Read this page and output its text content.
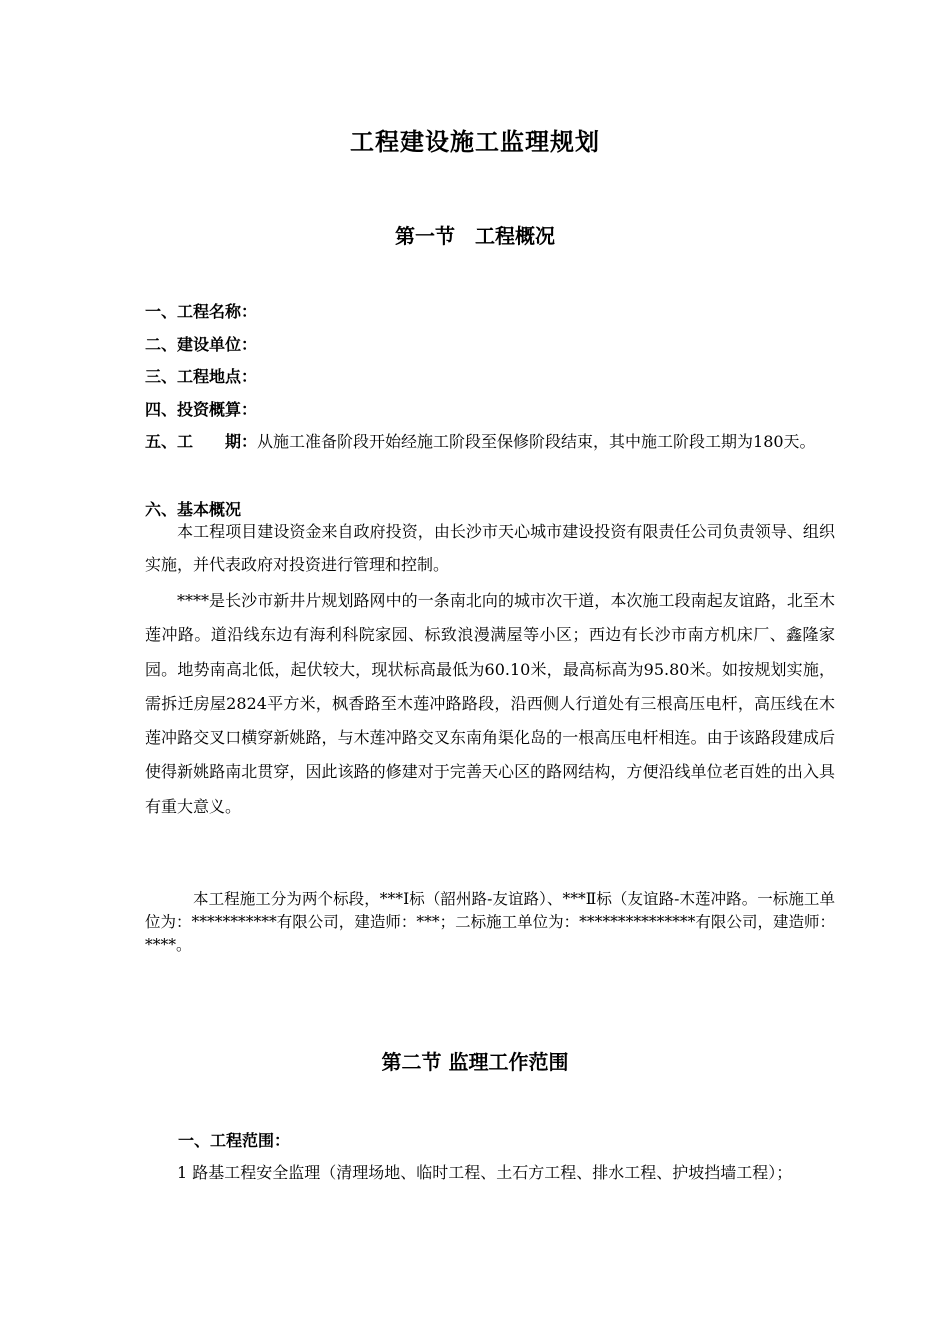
工程建设施工监理规划
第一节　工程概况
一、工程名称：
二、建设单位：
三、工程地点：
四、投资概算：
五、工　　期：从施工准备阶段开始经施工阶段至保修阶段结束，其中施工阶段工期为180天。
六、基本概况
本工程项目建设资金来自政府投资，由长沙市天心城市建设投资有限责任公司负责领导、组织实施，并代表政府对投资进行管理和控制。
****是长沙市新井片规划路网中的一条南北向的城市次干道，本次施工段南起友谊路，北至木莲冲路。道沿线东边有海利科院家园、标致浪漫满屋等小区；西边有长沙市南方机床厂、鑫隆家园。地势南高北低，起伏较大，现状标高最低为60.10米，最高标高为95.80米。如按规划实施，需拆迁房屋2824平方米，枫香路至木莲冲路路段，沿西侧人行道处有三根高压电杆，高压线在木莲冲路交叉口横穿新姚路，与木莲冲路交叉东南角渠化岛的一根高压电杆相连。由于该路段建成后使得新姚路南北贯穿，因此该路的修建对于完善天心区的路网结构，方便沿线单位老百姓的出入具有重大意义。
本工程施工分为两个标段，***Ⅰ标（韶州路-友谊路）、***Ⅱ标（友谊路-木莲冲路。一标施工单位为：***********有限公司，建造师：***；二标施工单位为：***************有限公司，建造师：****。
第二节 监理工作范围
一、工程范围：
1 路基工程安全监理（清理场地、临时工程、土石方工程、排水工程、护坡挡墙工程）；
